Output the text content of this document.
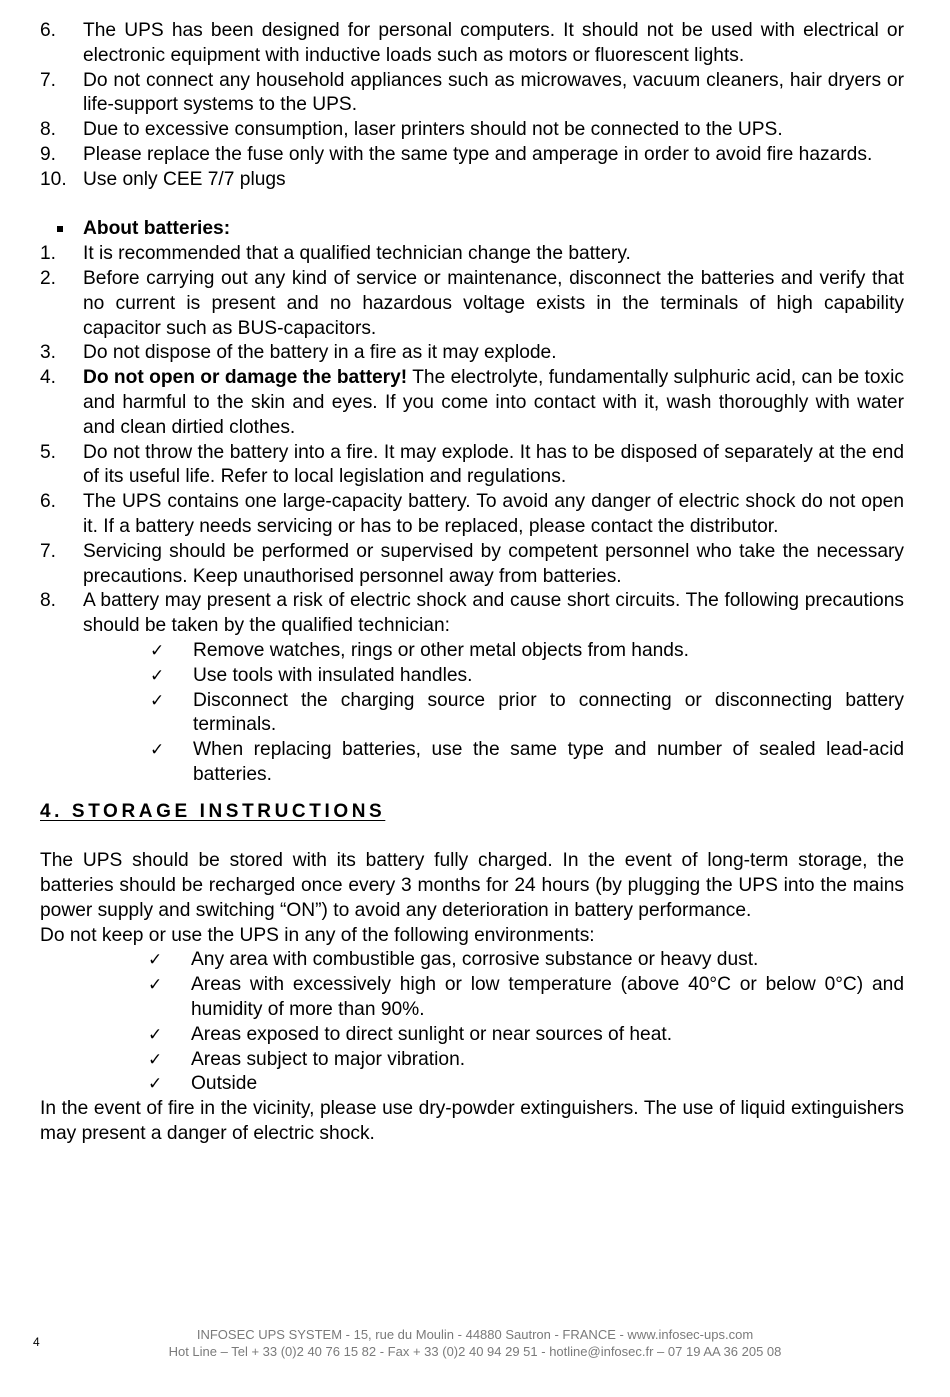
6. The UPS has been designed for personal computers. It should not be used with electrical or electronic equipment with inductive loads such as motors or fluorescent lights.
7. Do not connect any household appliances such as microwaves, vacuum cleaners, hair dryers or life-support systems to the UPS.
8. Due to excessive consumption, laser printers should not be connected to the UPS.
9. Please replace the fuse only with the same type and amperage in order to avoid fire hazards.
10. Use only CEE 7/7 plugs
About batteries:
1. It is recommended that a qualified technician change the battery.
2. Before carrying out any kind of service or maintenance, disconnect the batteries and verify that no current is present and no hazardous voltage exists in the terminals of high capability capacitor such as BUS-capacitors.
3. Do not dispose of the battery in a fire as it may explode.
4. Do not open or damage the battery! The electrolyte, fundamentally sulphuric acid, can be toxic and harmful to the skin and eyes. If you come into contact with it, wash thoroughly with water and clean dirtied clothes.
5. Do not throw the battery into a fire. It may explode. It has to be disposed of separately at the end of its useful life. Refer to local legislation and regulations.
6. The UPS contains one large-capacity battery. To avoid any danger of electric shock do not open it. If a battery needs servicing or has to be replaced, please contact the distributor.
7. Servicing should be performed or supervised by competent personnel who take the necessary precautions. Keep unauthorised personnel away from batteries.
8. A battery may present a risk of electric shock and cause short circuits. The following precautions should be taken by the qualified technician:
✓ Remove watches, rings or other metal objects from hands.
✓ Use tools with insulated handles.
✓ Disconnect the charging source prior to connecting or disconnecting battery terminals.
✓ When replacing batteries, use the same type and number of sealed lead-acid batteries.
4. STORAGE INSTRUCTIONS
The UPS should be stored with its battery fully charged. In the event of long-term storage, the batteries should be recharged once every 3 months for 24 hours (by plugging the UPS into the mains power supply and switching “ON”) to avoid any deterioration in battery performance.
Do not keep or use the UPS in any of the following environments:
✓ Any area with combustible gas, corrosive substance or heavy dust.
✓ Areas with excessively high or low temperature (above 40°C or below 0°C) and humidity of more than 90%.
✓ Areas exposed to direct sunlight or near sources of heat.
✓ Areas subject to major vibration.
✓ Outside
In the event of fire in the vicinity, please use dry-powder extinguishers. The use of liquid extinguishers may present a danger of electric shock.
4	INFOSEC UPS SYSTEM - 15, rue du Moulin - 44880 Sautron - FRANCE - www.infosec-ups.com
Hot Line – Tel + 33 (0)2 40 76 15 82 - Fax + 33 (0)2 40 94 29 51 - hotline@infosec.fr – 07 19 AA 36 205 08
